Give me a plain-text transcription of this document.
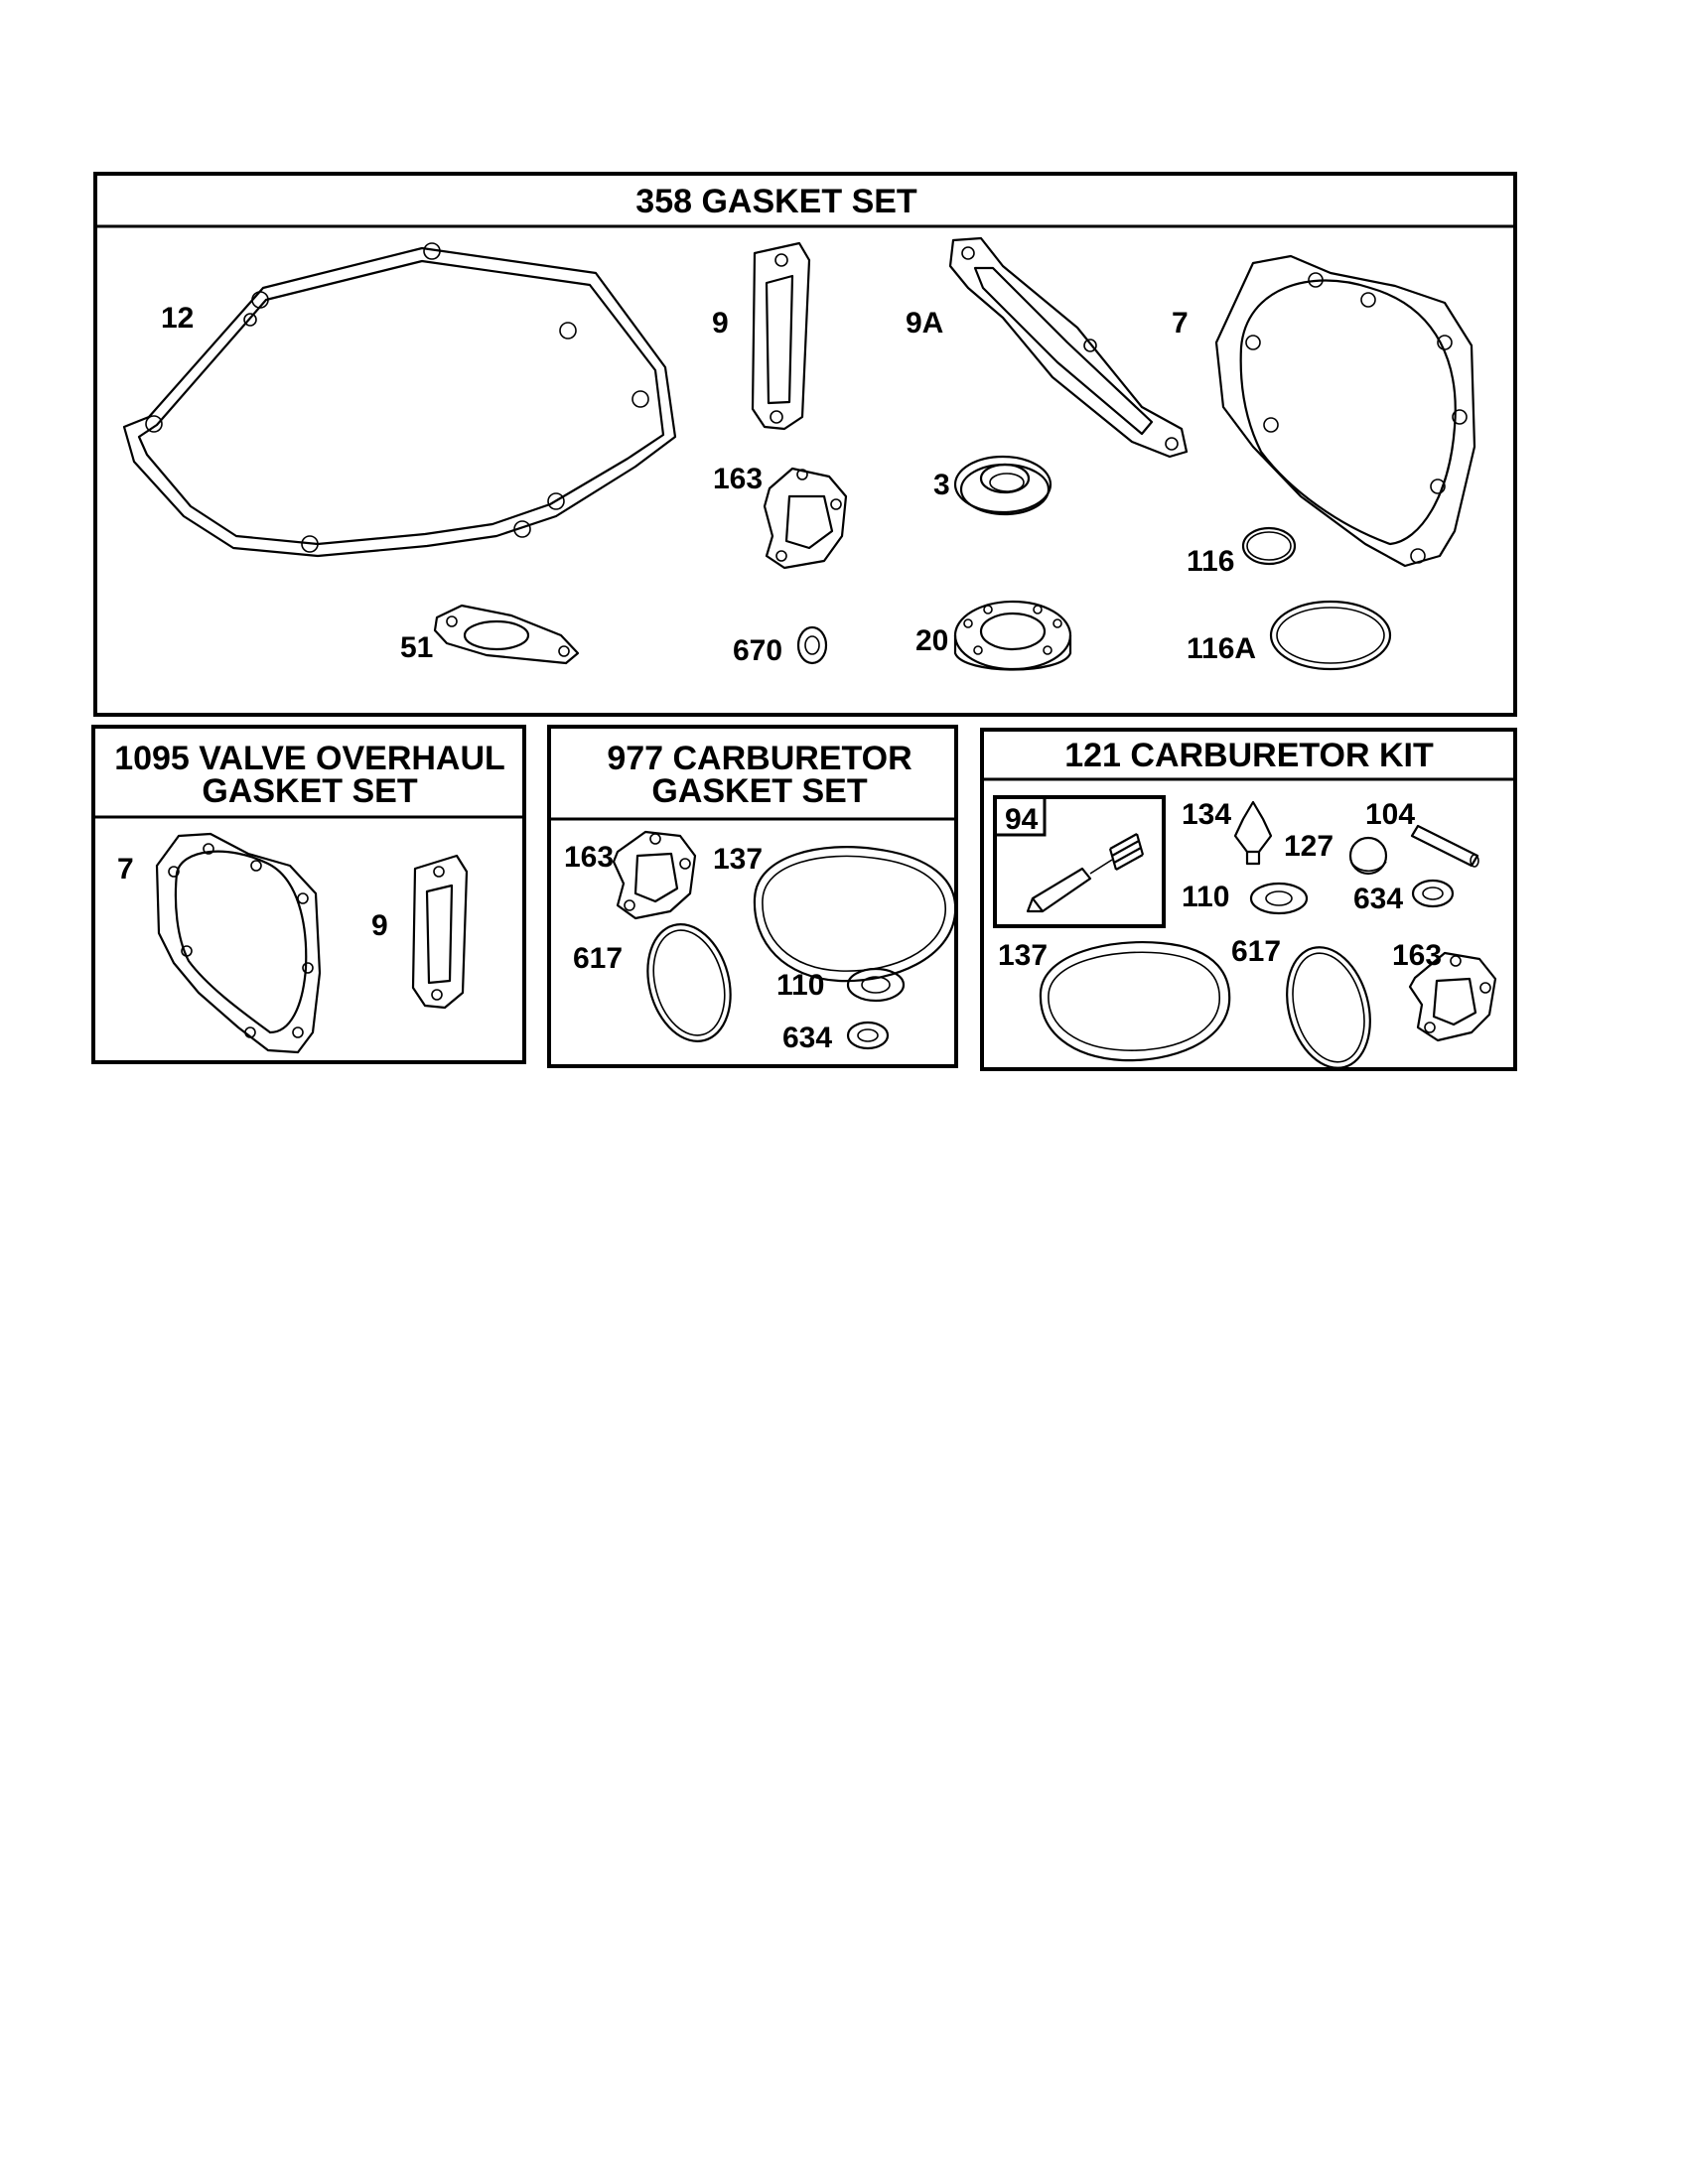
358 GASKET SET
12	9	9A	7
163	3
116
51	670	20	116A
1095 VALVE OVERHAUL
GASKET SET
7
9
977 CARBURETOR
GASKET SET
163	137
617
110
634
121 CARBURETOR KIT
94	134	104
127
110	634
137	617	163
